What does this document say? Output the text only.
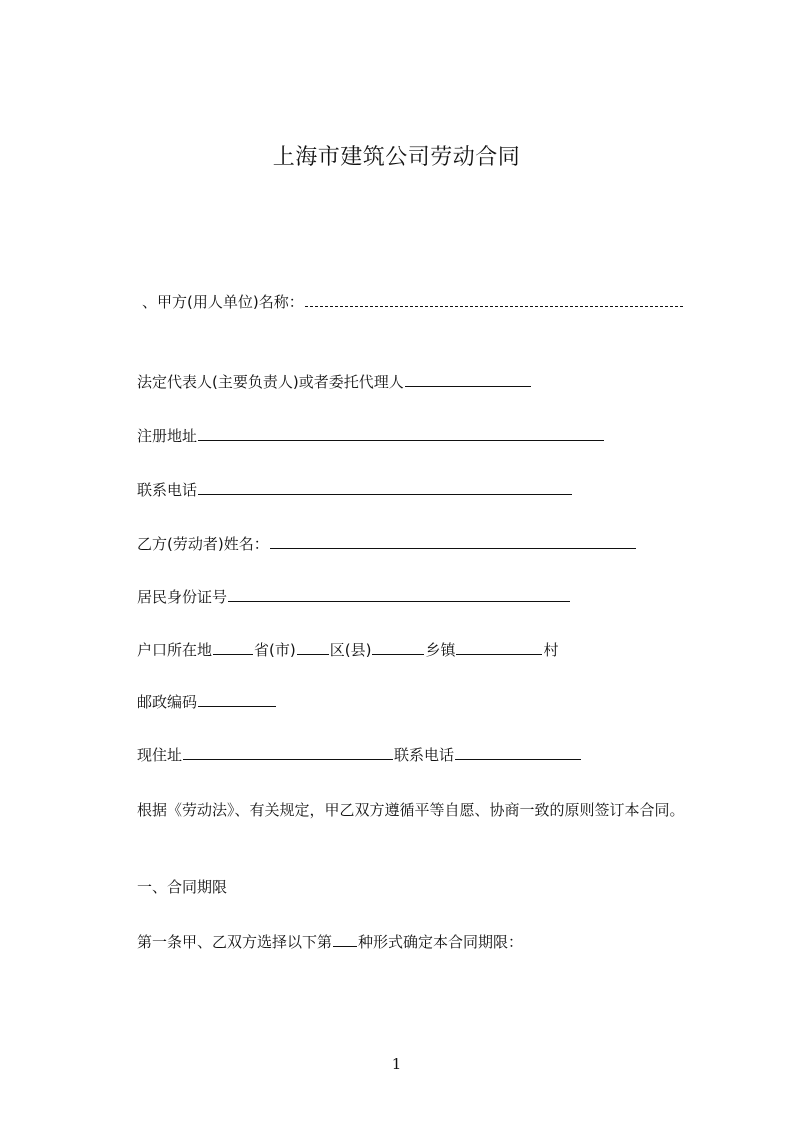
上海市建筑公司劳动合同
、甲方(用人单位)名称：
法定代表人(主要负责人)或者委托代理人
注册地址
联系电话
乙方(劳动者)姓名：
居民身份证号
户口所在地	省(市) 区(县)	乡镇	村
邮政编码
现住址	联系电话
根据《劳动法》、有关规定，甲乙双方遵循平等自愿、协商一致的原则签订本合同。
一、合同期限
第一条甲、乙双方选择以下第 种形式确定本合同期限：
1
